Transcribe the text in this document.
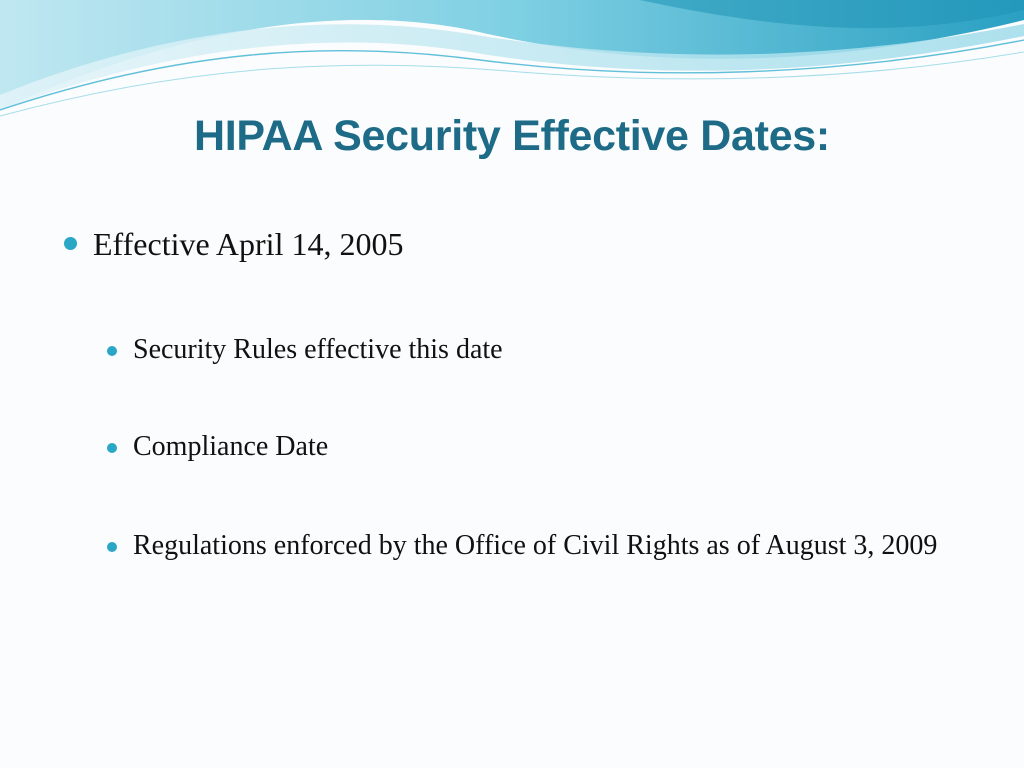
HIPAA Security Effective Dates:
Effective April 14, 2005
Security Rules effective this date
Compliance Date
Regulations enforced by the Office of Civil Rights as of August 3, 2009
